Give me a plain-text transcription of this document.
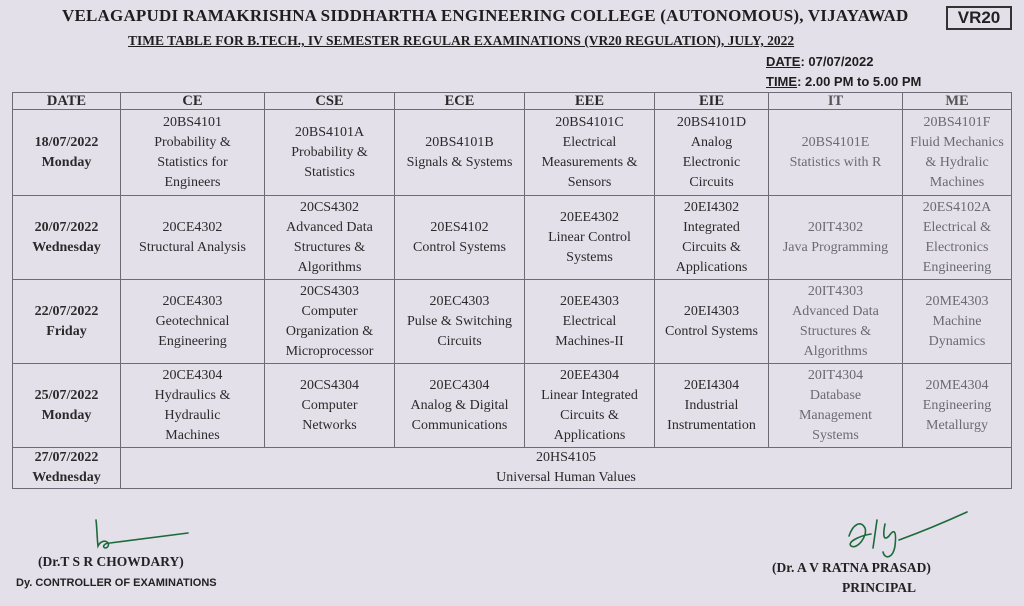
VELAGAPUDI RAMAKRISHNA SIDDHARTHA ENGINEERING COLLEGE (AUTONOMOUS), VIJAYAWAD	VR20
TIME TABLE FOR B.TECH., IV SEMESTER REGULAR EXAMINATIONS (VR20 REGULATION), JULY, 2022
DATE: 07/07/2022
TIME: 2.00 PM to 5.00 PM
DATE	CE	CSE	ECE	EEE	EIE	IT	ME

18/07/2022
Monday	20BS4101
Probability &
Statistics for
Engineers	20BS4101A
Probability &
Statistics	20BS4101B
Signals & Systems	20BS4101C
Electrical
Measurements &
Sensors	20BS4101D
Analog
Electronic
Circuits	20BS4101E
Statistics with R	20BS4101F
Fluid Mechanics
& Hydralic
Machines

20/07/2022
Wednesday	20CE4302
Structural Analysis	20CS4302
Advanced Data
Structures &
Algorithms	20ES4102
Control Systems	20EE4302
Linear Control
Systems	20EI4302
Integrated
Circuits &
Applications	20IT4302
Java Programming	20ES4102A
Electrical &
Electronics
Engineering

22/07/2022
Friday	20CE4303
Geotechnical
Engineering	20CS4303
Computer
Organization &
Microprocessor	20EC4303
Pulse & Switching
Circuits	20EE4303
Electrical
Machines-II	20EI4303
Control Systems	20IT4303
Advanced Data
Structures &
Algorithms	20ME4303
Machine
Dynamics

25/07/2022
Monday	20CE4304
Hydraulics &
Hydraulic
Machines	20CS4304
Computer
Networks	20EC4304
Analog & Digital
Communications	20EE4304
Linear Integrated
Circuits &
Applications	20EI4304
Industrial
Instrumentation	20IT4304
Database
Management
Systems	20ME4304
Engineering
Metallurgy

27/07/2022
Wednesday	20HS4105
Universal Human Values						
(Dr.T S R CHOWDARY)
Dy. CONTROLLER OF EXAMINATIONS
(Dr. A V RATNA PRASAD)
PRINCIPAL
